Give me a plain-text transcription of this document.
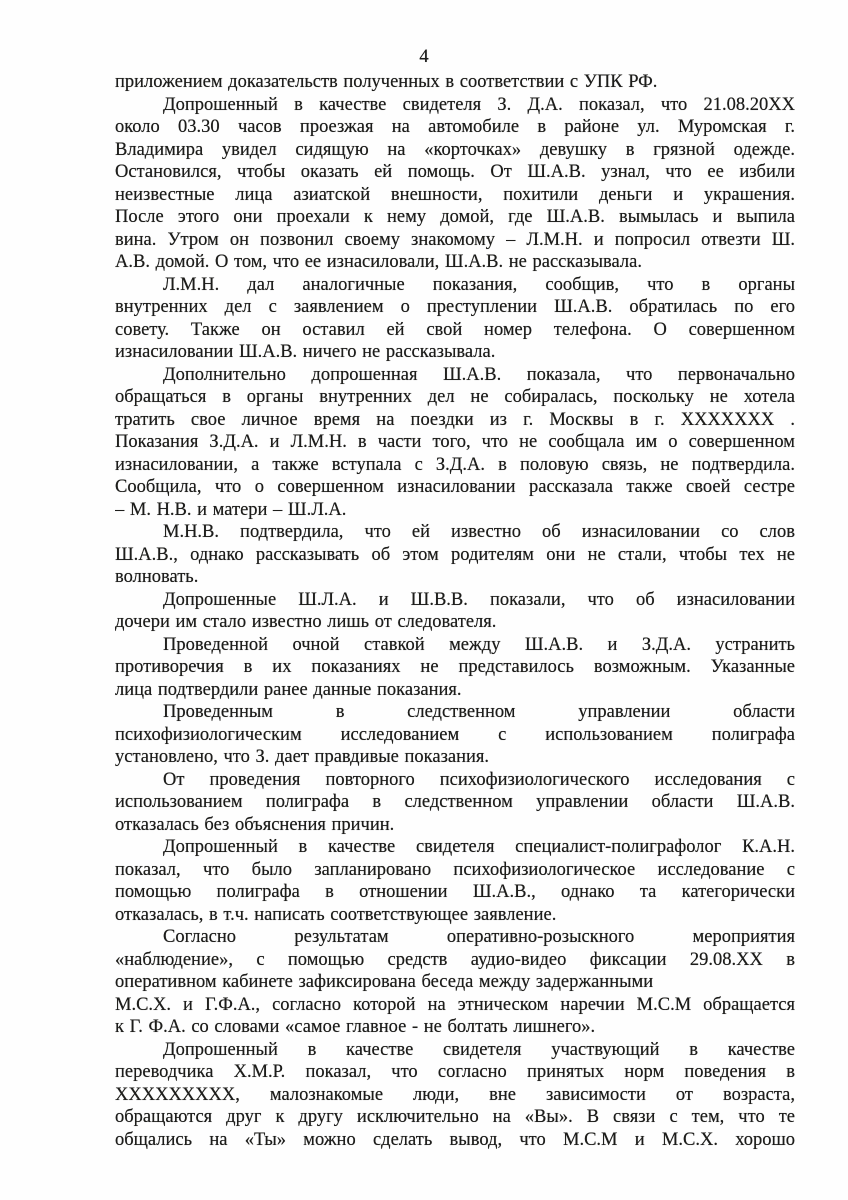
4
приложением доказательств полученных в соответствии с УПК РФ.
Допрошенный в качестве свидетеля З. Д.А. показал, что 21.08.20ХХ
около 03.30 часов проезжая на автомобиле в районе ул. Муромская г.
Владимира увидел сидящую на «корточках» девушку в грязной одежде.
Остановился, чтобы оказать ей помощь. От Ш.А.В. узнал, что ее избили
неизвестные лица азиатской внешности, похитили деньги и украшения.
После этого они проехали к нему домой, где Ш.А.В. вымылась и выпила
вина. Утром он позвонил своему знакомому – Л.М.Н. и попросил отвезти Ш.
А.В. домой. О том, что ее изнасиловали, Ш.А.В. не рассказывала.
Л.М.Н. дал аналогичные показания, сообщив, что в органы
внутренних дел с заявлением о преступлении Ш.А.В. обратилась по его
совету. Также он оставил ей свой номер телефона. О совершенном
изнасиловании Ш.А.В. ничего не рассказывала.
Дополнительно допрошенная Ш.А.В. показала, что первоначально
обращаться в органы внутренних дел не собиралась, поскольку не хотела
тратить свое личное время на поездки из г. Москвы в г. ХХХХХХХ .
Показания З.Д.А. и Л.М.Н. в части того, что не сообщала им о совершенном
изнасиловании, а также вступала с З.Д.А. в половую связь, не подтвердила.
Сообщила, что о совершенном изнасиловании рассказала также своей сестре
– М. Н.В. и матери – Ш.Л.А.
М.Н.В. подтвердила, что ей известно об изнасиловании со слов
Ш.А.В., однако рассказывать об этом родителям они не стали, чтобы тех не
волновать.
Допрошенные Ш.Л.А. и Ш.В.В. показали, что об изнасиловании
дочери им стало известно лишь от следователя.
Проведенной очной ставкой между Ш.А.В. и З.Д.А. устранить
противоречия в их показаниях не представилось возможным. Указанные
лица подтвердили ранее данные показания.
Проведенным в следственном управлении области
психофизиологическим исследованием с использованием полиграфа
установлено, что З. дает правдивые показания.
От проведения повторного психофизиологического исследования с
использованием полиграфа в следственном управлении области Ш.А.В.
отказалась без объяснения причин.
Допрошенный в качестве свидетеля специалист-полиграфолог К.А.Н.
показал, что было запланировано психофизиологическое исследование с
помощью полиграфа в отношении Ш.А.В., однако та категорически
отказалась, в т.ч. написать соответствующее заявление.
Согласно результатам оперативно-розыскного мероприятия
«наблюдение», с помощью средств аудио-видео фиксации 29.08.ХХ в
оперативном кабинете зафиксирована беседа между задержанными
М.С.Х. и Г.Ф.А., согласно которой на этническом наречии М.С.М обращается
к Г. Ф.А. со словами «самое главное - не болтать лишнего».
Допрошенный в качестве свидетеля участвующий в качестве
переводчика Х.М.Р. показал, что согласно принятых норм поведения в
ХХХХХХХХХ, малознакомые люди, вне зависимости от возраста,
обращаются друг к другу исключительно на «Вы». В связи с тем, что те
общались на «Ты» можно сделать вывод, что М.С.М и М.С.Х. хорошо
